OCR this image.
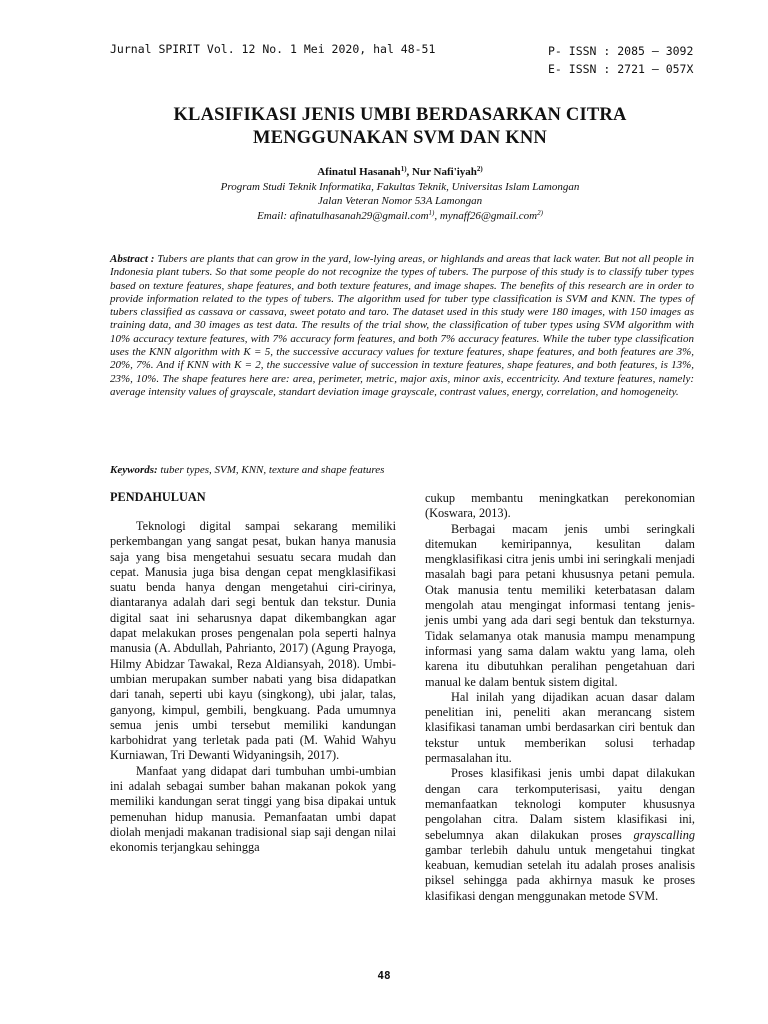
Jurnal SPIRIT Vol. 12 No. 1 Mei 2020, hal 48-51	P- ISSN : 2085 – 3092
E- ISSN : 2721 – 057X
KLASIFIKASI JENIS UMBI BERDASARKAN CITRA
MENGGUNAKAN SVM DAN KNN
Afinatul Hasanah$^{1)}$, Nur Nafi'iyah$^{2)}$
Program Studi Teknik Informatika, Fakultas Teknik, Universitas Islam Lamongan
Jalan Veteran Nomor 53A Lamongan
Email: afinatulhasanah29@gmail.com$^{1)}$, mynaff26@gmail.com$^{2)}$

Abstract : Tubers are plants that can grow in the yard, low-lying areas, or highlands and areas that lack water. But not all people in Indonesia plant tubers. So that some people do not recognize the types of tubers. The purpose of this study is to classify tuber types based on texture features, shape features, and both texture features, and image shapes. The benefits of this research are in order to provide information related to the types of tubers. The algorithm used for tuber type classification is SVM and KNN. The types of tubers classified as cassava or cassava, sweet potato and taro. The dataset used in this study were 180 images, with 150 images as training data, and 30 images as test data. The results of the trial show, the classification of tuber types using SVM algorithm with 10% accuracy texture features, with 7% accuracy form features, and both 7% accuracy features. While the tuber type classification uses the KNN algorithm with K = 5, the successive accuracy values for texture features, shape features, and both features are 3%, 20%, 7%. And if KNN with K = 2, the successive value of succession in texture features, shape features, and both features, is 13%, 23%, 10%. The shape features here are: area, perimeter, metric, major axis, minor axis, eccentricity. And texture features, namely: average intensity values of grayscale, standart deviation image grayscale, contrast values, energy, correlation, and homogeneity.

Keywords: tuber types, SVM, KNN, texture and shape features

PENDAHULUAN

Teknologi digital sampai sekarang memiliki perkembangan yang sangat pesat, bukan hanya manusia saja yang bisa mengetahui sesuatu secara mudah dan cepat. Manusia juga bisa dengan cepat mengklasifikasi suatu benda hanya dengan mengetahui ciri-cirinya, diantaranya adalah dari segi bentuk dan tekstur. Dunia digital saat ini seharusnya dapat dikembangkan agar dapat melakukan proses pengenalan pola seperti halnya manusia (A. Abdullah, Pahrianto, 2017) (Agung Prayoga, Hilmy Abidzar Tawakal, Reza Aldiansyah, 2018). Umbi-umbian merupakan sumber nabati yang bisa didapatkan dari tanah, seperti ubi kayu (singkong), ubi jalar, talas, ganyong, kimpul, gembili, bengkuang. Pada umumnya semua jenis umbi tersebut memiliki kandungan karbohidrat yang terletak pada pati (M. Wahid Wahyu Kurniawan, Tri Dewanti Widyaningsih, 2017).

Manfaat yang didapat dari tumbuhan umbi-umbian ini adalah sebagai sumber bahan makanan pokok yang memiliki kandungan serat tinggi yang bisa dipakai untuk pemenuhan hidup manusia. Pemanfaatan umbi dapat diolah menjadi makanan tradisional siap saji dengan nilai ekonomis terjangkau sehingga

cukup membantu meningkatkan perekonomian (Koswara, 2013).

Berbagai macam jenis umbi seringkali ditemukan kemiripannya, kesulitan dalam mengklasifikasi citra jenis umbi ini seringkali menjadi masalah bagi para petani khususnya petani pemula. Otak manusia tentu memiliki keterbatasan dalam mengolah atau mengingat informasi tentang jenis-jenis umbi yang ada dari segi bentuk dan teksturnya. Tidak selamanya otak manusia mampu menampung informasi yang sama dalam waktu yang lama, oleh karena itu dibutuhkan peralihan pengetahuan dari manual ke dalam bentuk sistem digital.

Hal inilah yang dijadikan acuan dasar dalam penelitian ini, peneliti akan merancang sistem klasifikasi tanaman umbi berdasarkan ciri bentuk dan tekstur untuk memberikan solusi terhadap permasalahan itu.

Proses klasifikasi jenis umbi dapat dilakukan dengan cara terkomputerisasi, yaitu dengan memanfaatkan teknologi komputer khususnya pengolahan citra. Dalam sistem klasifikasi ini, sebelumnya akan dilakukan proses grayscalling gambar terlebih dahulu untuk mengetahui tingkat keabuan, kemudian setelah itu adalah proses analisis piksel sehingga pada akhirnya masuk ke proses klasifikasi dengan menggunakan metode SVM.

48
